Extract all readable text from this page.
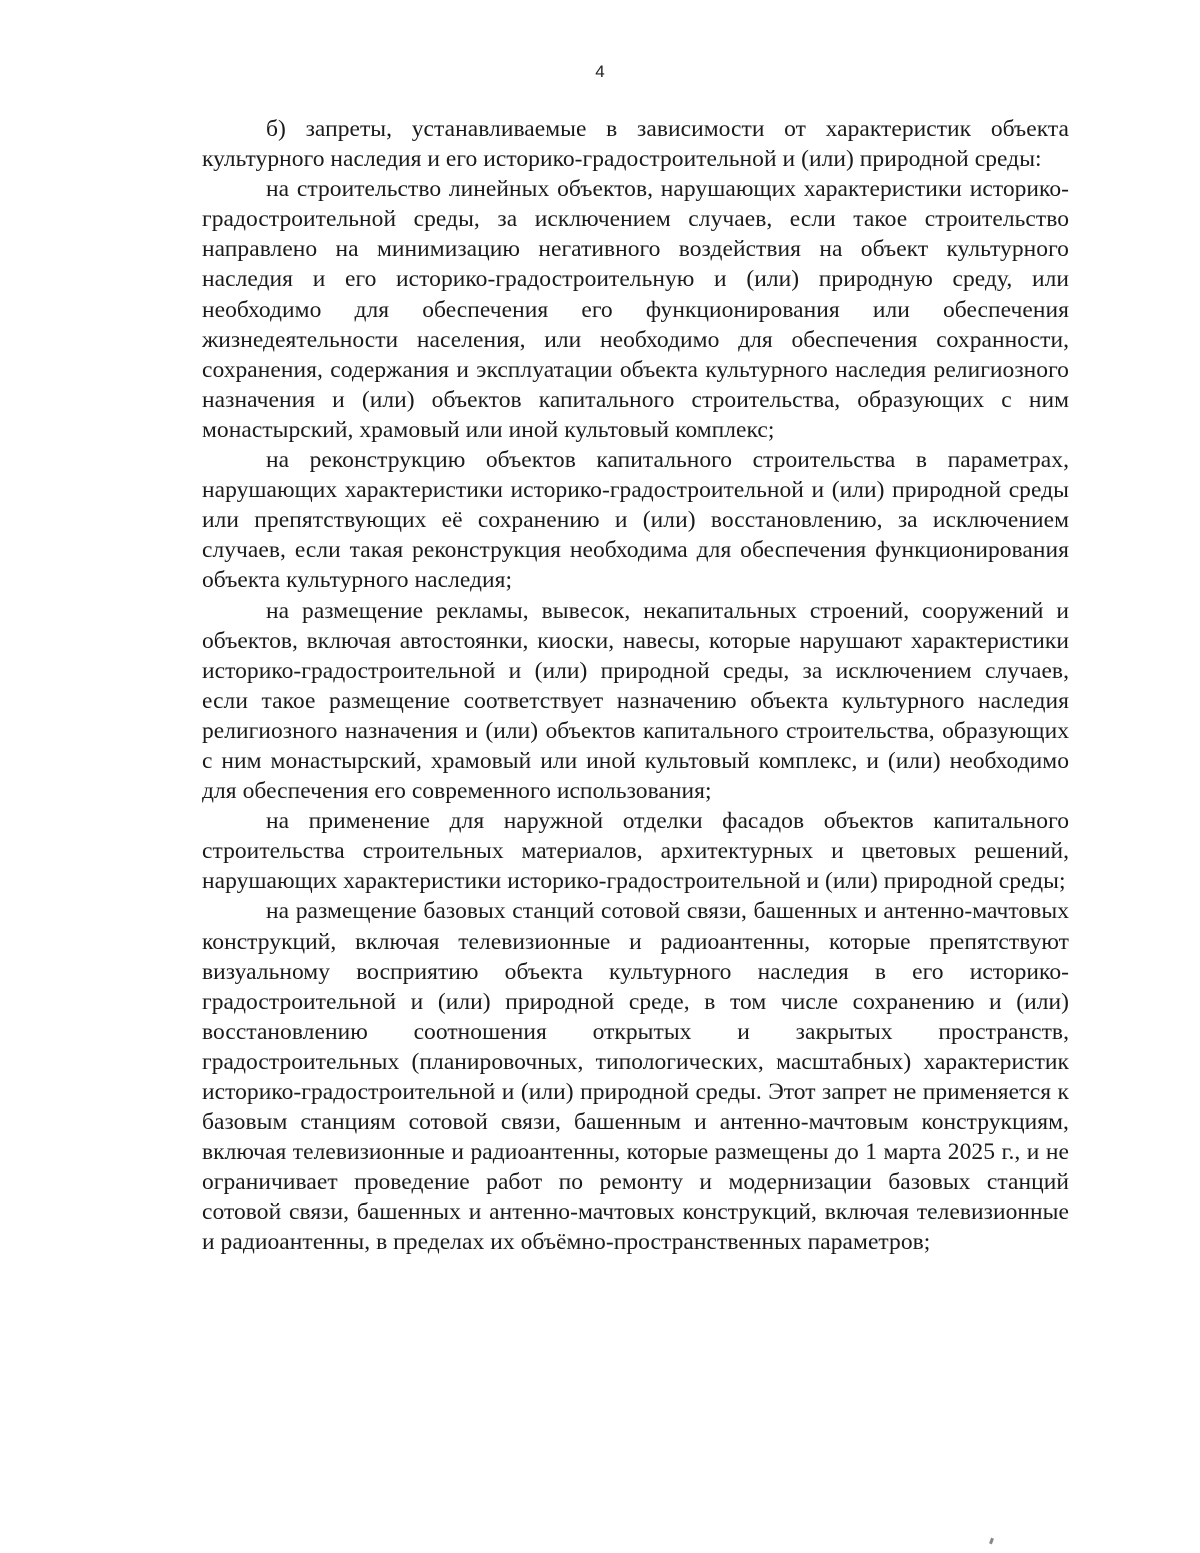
4

б) запреты, устанавливаемые в зависимости от характеристик объекта культурного наследия и его историко-градостроительной и (или) природной среды:

на строительство линейных объектов, нарушающих характеристики историко-градостроительной среды, за исключением случаев, если такое строительство направлено на минимизацию негативного воздействия на объект культурного наследия и его историко-градостроительную и (или) природную среду, или необходимо для обеспечения его функционирования или обеспечения жизнедеятельности населения, или необходимо для обеспечения сохранности, сохранения, содержания и эксплуатации объекта культурного наследия религиозного назначения и (или) объектов капитального строительства, образующих с ним монастырский, храмовый или иной культовый комплекс;

на реконструкцию объектов капитального строительства в параметрах, нарушающих характеристики историко-градостроительной и (или) природной среды или препятствующих её сохранению и (или) восстановлению, за исключением случаев, если такая реконструкция необходима для обеспечения функционирования объекта культурного наследия;

на размещение рекламы, вывесок, некапитальных строений, сооружений и объектов, включая автостоянки, киоски, навесы, которые нарушают характеристики историко-градостроительной и (или) природной среды, за исключением случаев, если такое размещение соответствует назначению объекта культурного наследия религиозного назначения и (или) объектов капитального строительства, образующих с ним монастырский, храмовый или иной культовый комплекс, и (или) необходимо для обеспечения его современного использования;

на применение для наружной отделки фасадов объектов капитального строительства строительных материалов, архитектурных и цветовых решений, нарушающих характеристики историко-градостроительной и (или) природной среды;

на размещение базовых станций сотовой связи, башенных и антенно-мачтовых конструкций, включая телевизионные и радиоантенны, которые препятствуют визуальному восприятию объекта культурного наследия в его историко-градостроительной и (или) природной среде, в том числе сохранению и (или) восстановлению соотношения открытых и закрытых пространств, градостроительных (планировочных, типологических, масштабных) характеристик историко-градостроительной и (или) природной среды. Этот запрет не применяется к базовым станциям сотовой связи, башенным и антенно-мачтовым конструкциям, включая телевизионные и радиоантенны, которые размещены до 1 марта 2025 г., и не ограничивает проведение работ по ремонту и модернизации базовых станций сотовой связи, башенных и антенно-мачтовых конструкций, включая телевизионные и радиоантенны, в пределах их объёмно-пространственных параметров;
